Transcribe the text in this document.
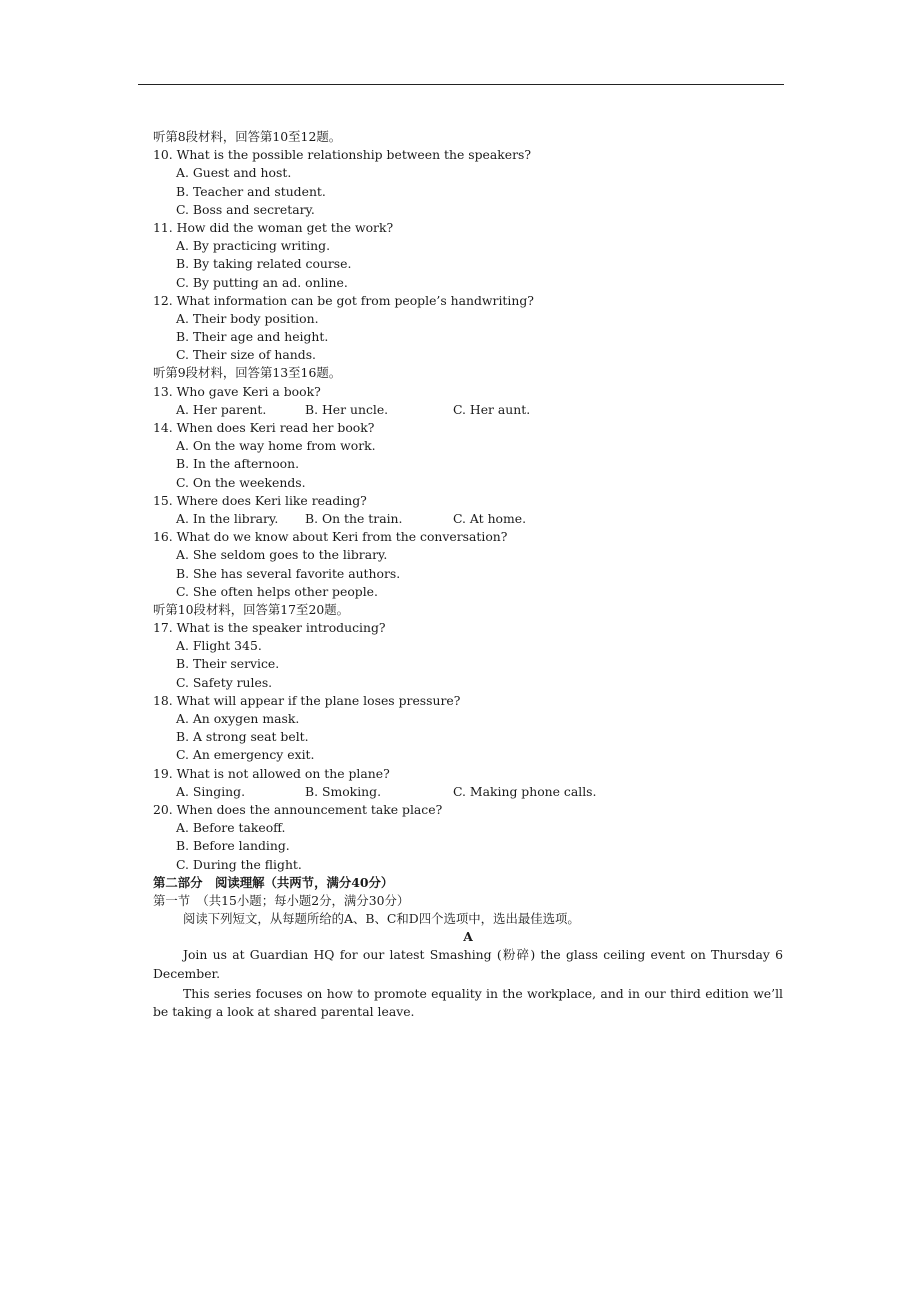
听第8段材料，回答第10至12题。
10. What is the possible relationship between the speakers?
A. Guest and host.
B. Teacher and student.
C. Boss and secretary.
11. How did the woman get the work?
A. By practicing writing.
B. By taking related course.
C. By putting an ad. online.
12. What information can be got from people’s handwriting?
A. Their body position.
B. Their age and height.
C. Their size of hands.
听第9段材料，回答第13至16题。
13. Who gave Keri a book?
A. Her parent.	B. Her uncle.	C. Her aunt.
14. When does Keri read her book?
A. On the way home from work.
B. In the afternoon.
C. On the weekends.
15. Where does Keri like reading?
A. In the library. B. On the train.	C. At home.
16. What do we know about Keri from the conversation?
A. She seldom goes to the library.
B. She has several favorite authors.
C. She often helps other people.
听第10段材料，回答第17至20题。
17. What is the speaker introducing?
A. Flight 345.
B. Their service.
C. Safety rules.
18. What will appear if the plane loses pressure?
A. An oxygen mask.
B. A strong seat belt.
C. An emergency exit.
19. What is not allowed on the plane?
A. Singing.	B. Smoking.	C. Making phone calls.
20. When does the announcement take place?
A. Before takeoff.
B. Before landing.
C. During the flight.
第二部分　阅读理解（共两节，满分40分）
第一节　（共15小题；每小题2分，满分30分）
阅读下列短文，从每题所给的A、B、C和D四个选项中，选出最佳选项。
A

Join us at Guardian HQ for our latest Smashing (粉碎) the glass ceiling event on Thursday 6 December.

This series focuses on how to promote equality in the workplace, and in our third edition we’ll be taking a look at shared parental leave.
